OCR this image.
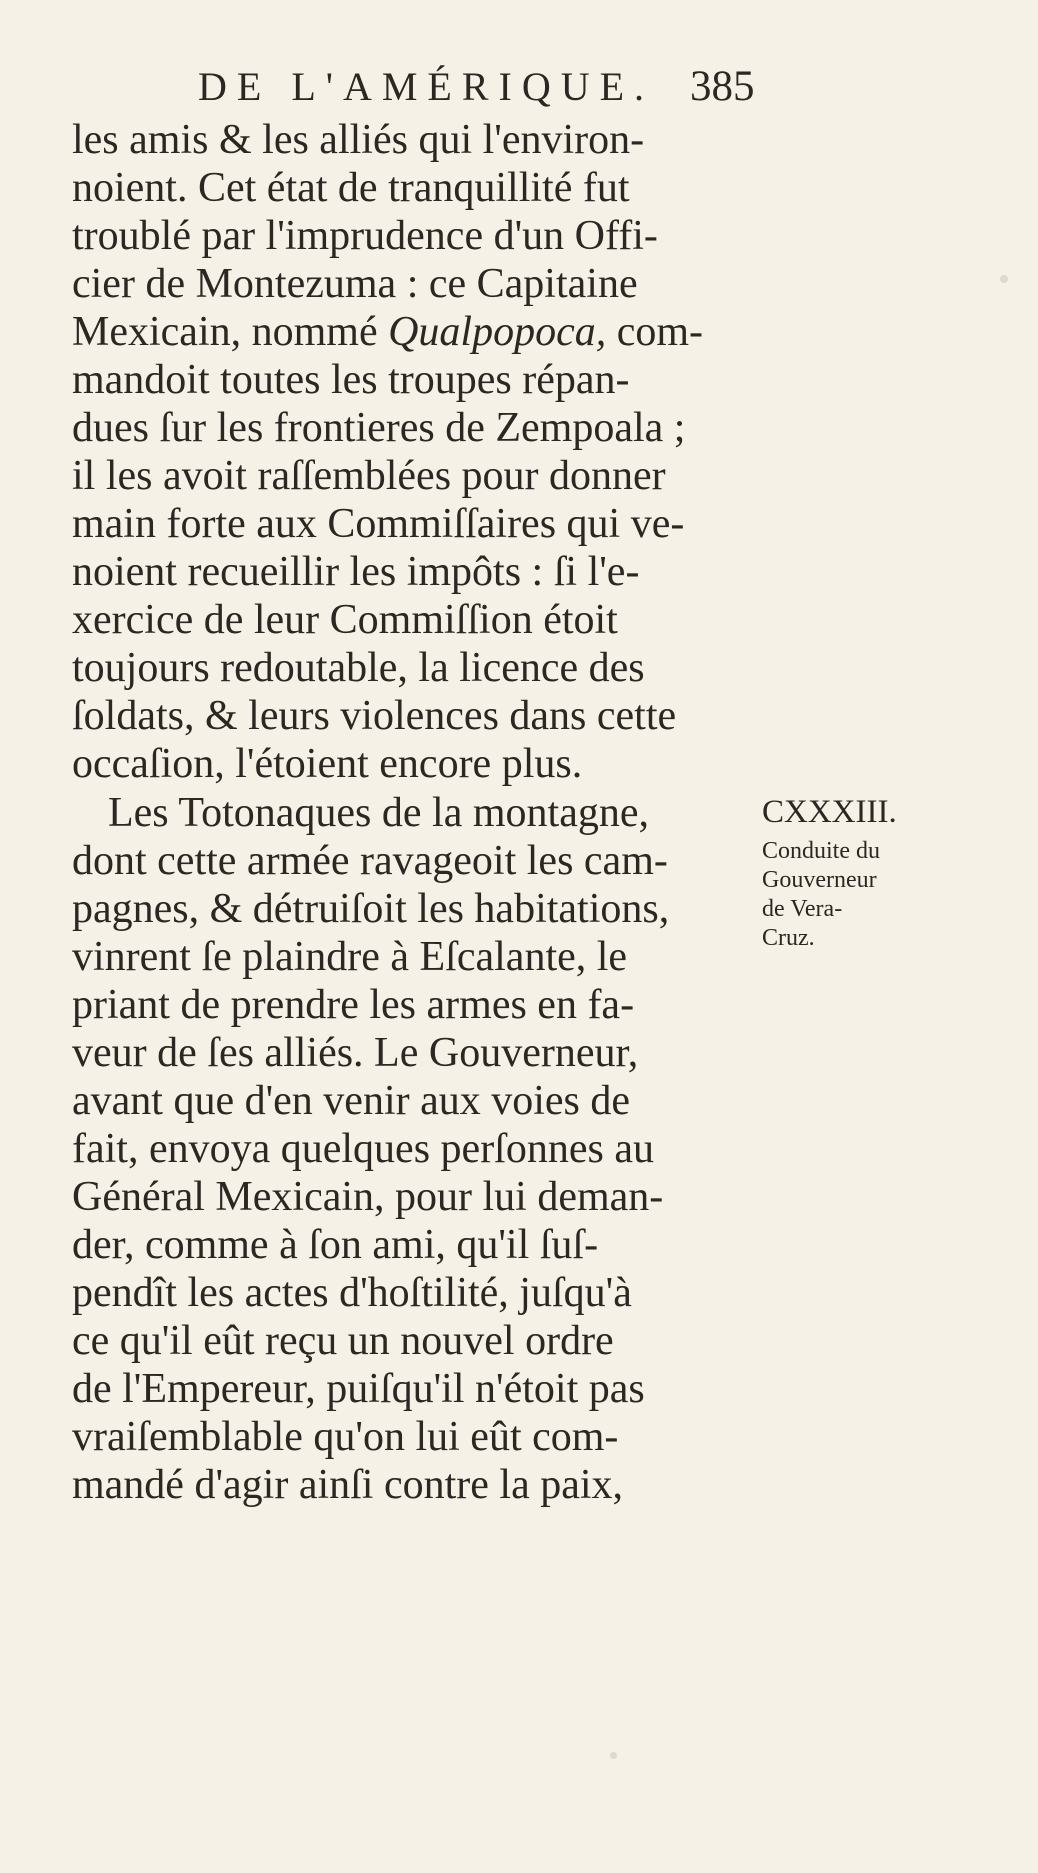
DE L'AMÉRIQUE. 385
les amis & les alliés qui l'environ-
noient. Cet état de tranquillité fut
troublé par l'imprudence d'un Offi-
cier de Montezuma : ce Capitaine
Mexicain, nommé Qualpopoca, com-
mandoit toutes les troupes répan-
dues ſur les frontieres de Zempoala ;
il les avoit raſſemblées pour donner
main forte aux Commiſſaires qui ve-
noient recueillir les impôts : ſi l'e-
xercice de leur Commiſſion étoit
toujours redoutable, la licence des
ſoldats, & leurs violences dans cette
occaſion, l'étoient encore plus.
Les Totonaques de la montagne,
dont cette armée ravageoit les cam-
pagnes, & détruiſoit les habitations,
vinrent ſe plaindre à Eſcalante, le
priant de prendre les armes en fa-
veur de ſes alliés. Le Gouverneur,
avant que d'en venir aux voies de
fait, envoya quelques perſonnes au
Général Mexicain, pour lui deman-
der, comme à ſon ami, qu'il ſuſ-
pendît les actes d'hoſtilité, juſqu'à
ce qu'il eût reçu un nouvel ordre
de l'Empereur, puiſqu'il n'étoit pas
vraiſemblable qu'on lui eût com-
mandé d'agir ainſi contre la paix,
CXXXIII.
Conduite du
Gouverneur
de Vera-
Cruz.
